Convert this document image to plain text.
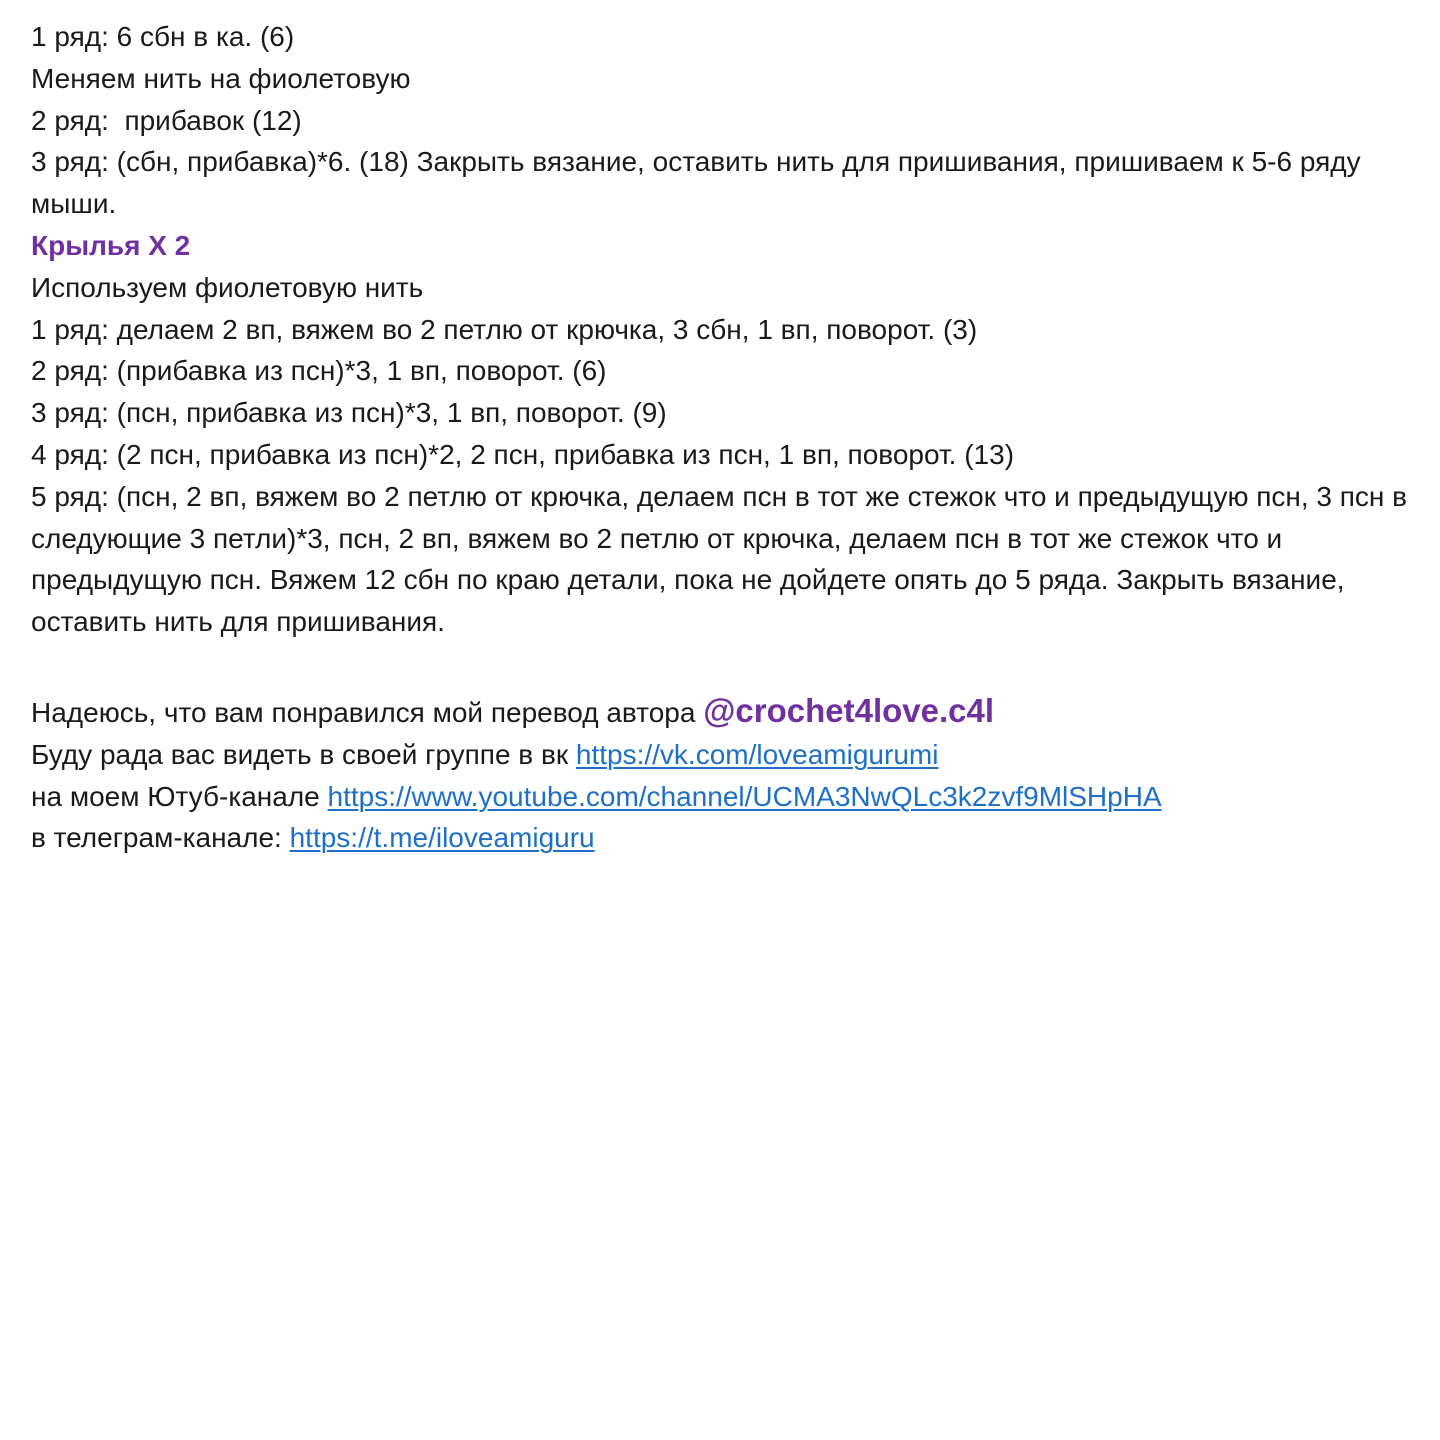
1 ряд: 6 сбн в ка. (6)

Меняем нить на фиолетовую

2 ряд:  прибавок (12)

3 ряд: (сбн, прибавка)*6. (18) Закрыть вязание, оставить нить для пришивания, пришиваем к 5-6 ряду мыши.

Крылья Х 2

Используем фиолетовую нить

1 ряд: делаем 2 вп, вяжем во 2 петлю от крючка, 3 сбн, 1 вп, поворот. (3)

2 ряд: (прибавка из псн)*3, 1 вп, поворот. (6)

3 ряд: (псн, прибавка из псн)*3, 1 вп, поворот. (9)

4 ряд: (2 псн, прибавка из псн)*2, 2 псн, прибавка из псн, 1 вп, поворот. (13)

5 ряд: (псн, 2 вп, вяжем во 2 петлю от крючка, делаем псн в тот же стежок что и предыдущую псн, 3 псн в следующие 3 петли)*3, псн, 2 вп, вяжем во 2 петлю от крючка, делаем псн в тот же стежок что и предыдущую псн. Вяжем 12 сбн по краю детали, пока не дойдете опять до 5 ряда. Закрыть вязание, оставить нить для пришивания.

Надеюсь, что вам понравился мой перевод автора @crochet4love.c4l

Буду рада вас видеть в своей группе в вк https://vk.com/loveamigurumi

на моем Ютуб-канале https://www.youtube.com/channel/UCMA3NwQLc3k2zvf9MlSHpHA

в телеграм-канале: https://t.me/iloveamiguru
